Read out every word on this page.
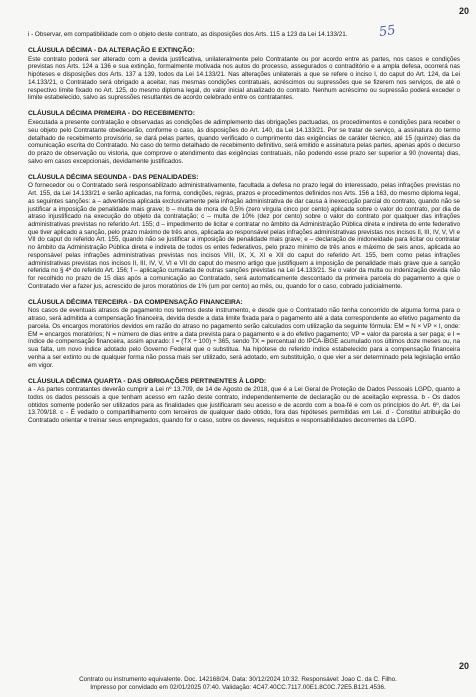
20
55

i - Observar, em compatibilidade com o objeto deste contrato, as disposições dos Arts. 115 a 123 da Lei 14.133/21.

CLÁUSULA DÉCIMA - DA ALTERAÇÃO E EXTINÇÃO:

Este contrato poderá ser alterado com a devida justificativa, unilateralmente pelo Contratante ou por acordo entre as partes, nos casos e condições previstas nos Arts. 124 a 136 e sua extinção, formalmente motivada nos autos do processo, assegurados o contraditório e a ampla defesa, ocorrerá nas hipóteses e disposições dos Arts. 137 a 139, todos da Lei 14.133/21. Nas alterações unilaterais a que se refere o inciso I, do caput do Art. 124, da Lei 14.133/21, o Contratado será obrigado a aceitar, nas mesmas condições contratuais, acréscimos ou supressões que se fizerem nos serviços, de até o respectivo limite fixado no Art. 125, do mesmo diploma legal, do valor inicial atualizado do contrato. Nenhum acréscimo ou supressão poderá exceder o limite estabelecido, salvo as supressões resultantes de acordo celebrado entre os contratantes.

CLÁUSULA DÉCIMA PRIMEIRA - DO RECEBIMENTO:

Executada a presente contratação e observadas as condições de adimplemento das obrigações pactuadas, os procedimentos e condições para receber o seu objeto pelo Contratante obedecerão, conforme o caso, às disposições do Art. 140, da Lei 14.133/21. Por se tratar de serviço, a assinatura do termo detalhado de recebimento provisório, se dará pelas partes, quando verificado o cumprimento das exigências de caráter técnico, até 15 (quinze) dias da comunicação escrita do Contratado. No caso do termo detalhado de recebimento definitivo, será emitido e assinatura pelas partes, apenas após o decurso do prazo de observação ou vistoria, que comprove o atendimento das exigências contratuais, não podendo esse prazo ser superior a 90 (noventa) dias, salvo em casos excepcionais, devidamente justificados.

CLÁUSULA DÉCIMA SEGUNDA - DAS PENALIDADES:

O fornecedor ou o Contratado será responsabilizado administrativamente, facultada a defesa no prazo legal do interessado, pelas infrações previstas no Art. 155, da Lei 14.133/21 e serão aplicadas, na forma, condições, regras, prazos e procedimentos definidos nos Arts. 156 a 163, do mesmo diploma legal, as seguintes sanções: a – advertência aplicada exclusivamente pela infração administrativa de dar causa à inexecução parcial do contrato, quando não se justificar a imposição de penalidade mais grave; b – multa de mora de 0,5% (zero vírgula cinco por cento) aplicada sobre o valor do contrato, por dia de atraso injustificado na execução do objeto da contratação; c – multa de 10% (dez por cento) sobre o valor do contrato por qualquer das infrações administrativas previstas no referido Art. 155; d – impedimento de licitar e contratar no âmbito da Administração Pública direta e indireta do ente federativo que tiver aplicado a sanção, pelo prazo máximo de três anos, aplicada ao responsável pelas infrações administrativas previstas nos incisos II, III, IV, V, VI e VII do caput do referido Art. 155, quando não se justificar a imposição de penalidade mais grave; e – declaração de inidoneidade para licitar ou contratar no âmbito da Administração Pública direta e indireta de todos os entes federativos, pelo prazo mínimo de três anos e máximo de seis anos, aplicada ao responsável pelas infrações administrativas previstas nos incisos VIII, IX, X, XI e XII do caput do referido Art. 155, bem como pelas infrações administrativas previstas nos incisos II, III, IV, V, VI e VII do caput do mesmo artigo que justifiquem a imposição de penalidade mais grave que a sanção referida no § 4º do referido Art. 156; f – aplicação cumulada de outras sanções previstas na Lei 14.133/21. Se o valor da multa ou indenização devida não for recolhido no prazo de 15 dias após a comunicação ao Contratado, será automaticamente descontado da primeira parcela do pagamento a que o Contratado vier a fazer jus, acrescido de juros moratórios de 1% (um por cento) ao mês, ou, quando for o caso, cobrado judicialmente.

CLÁUSULA DÉCIMA TERCEIRA - DA COMPENSAÇÃO FINANCEIRA:

Nos casos de eventuais atrasos de pagamento nos termos deste instrumento, e desde que o Contratado não tenha concorrido de alguma forma para o atraso, será admitida a compensação financeira, devida desde a data limite fixada para o pagamento até a data correspondente ao efetivo pagamento da parcela. Os encargos moratórios devidos em razão do atraso no pagamento serão calculados com utilização da seguinte fórmula: EM = N × VP × I, onde: EM = encargos moratórios; N = número de dias entre a data prevista para o pagamento e a do efetivo pagamento; VP = valor da parcela a ser paga; e I = índice de compensação financeira, assim apurado: I = (TX ÷ 100) ÷ 365, sendo TX = percentual do IPCA-IBGE acumulado nos últimos doze meses ou, na sua falta, um novo índice adotado pelo Governo Federal que o substitua. Na hipótese do referido índice estabelecido para a compensação financeira venha a ser extinto ou de qualquer forma não possa mais ser utilizado, será adotado, em substituição, o que vier a ser determinado pela legislação então em vigor.

CLÁUSULA DÉCIMA QUARTA - DAS OBRIGAÇÕES PERTINENTES À LGPD:

a - As partes contratantes deverão cumprir a Lei nº 13.709, de 14 de Agosto de 2018, que é a Lei Geral de Proteção de Dados Pessoais LGPD, quanto a todos os dados pessoais a que tenham acesso em razão deste contrato, independentemente de declaração ou de aceitação expressa. b - Os dados obtidos somente poderão ser utilizados para as finalidades que justificaram seu acesso e de acordo com a boa-fé e com os princípios do Art. 6º, da Lei 13.709/18. c - É vedado o compartilhamento com terceiros de qualquer dado obtido, fora das hipóteses permitidas em Lei. d - Constitui atribuição do Contratado orientar e treinar seus empregados, quando for o caso, sobre os deveres, requisitos e responsabilidades decorrentes da LGPD.

20
Contrato ou instrumento equivalente. Doc. 142168/24. Data: 30/12/2024 10:32. Responsável: Joao C. da C. Filho.
Impresso por convidado em 02/01/2025 07:40. Validação: 4C47.40CC.7117.00E1.8C0C.72E5.B121.4536.
